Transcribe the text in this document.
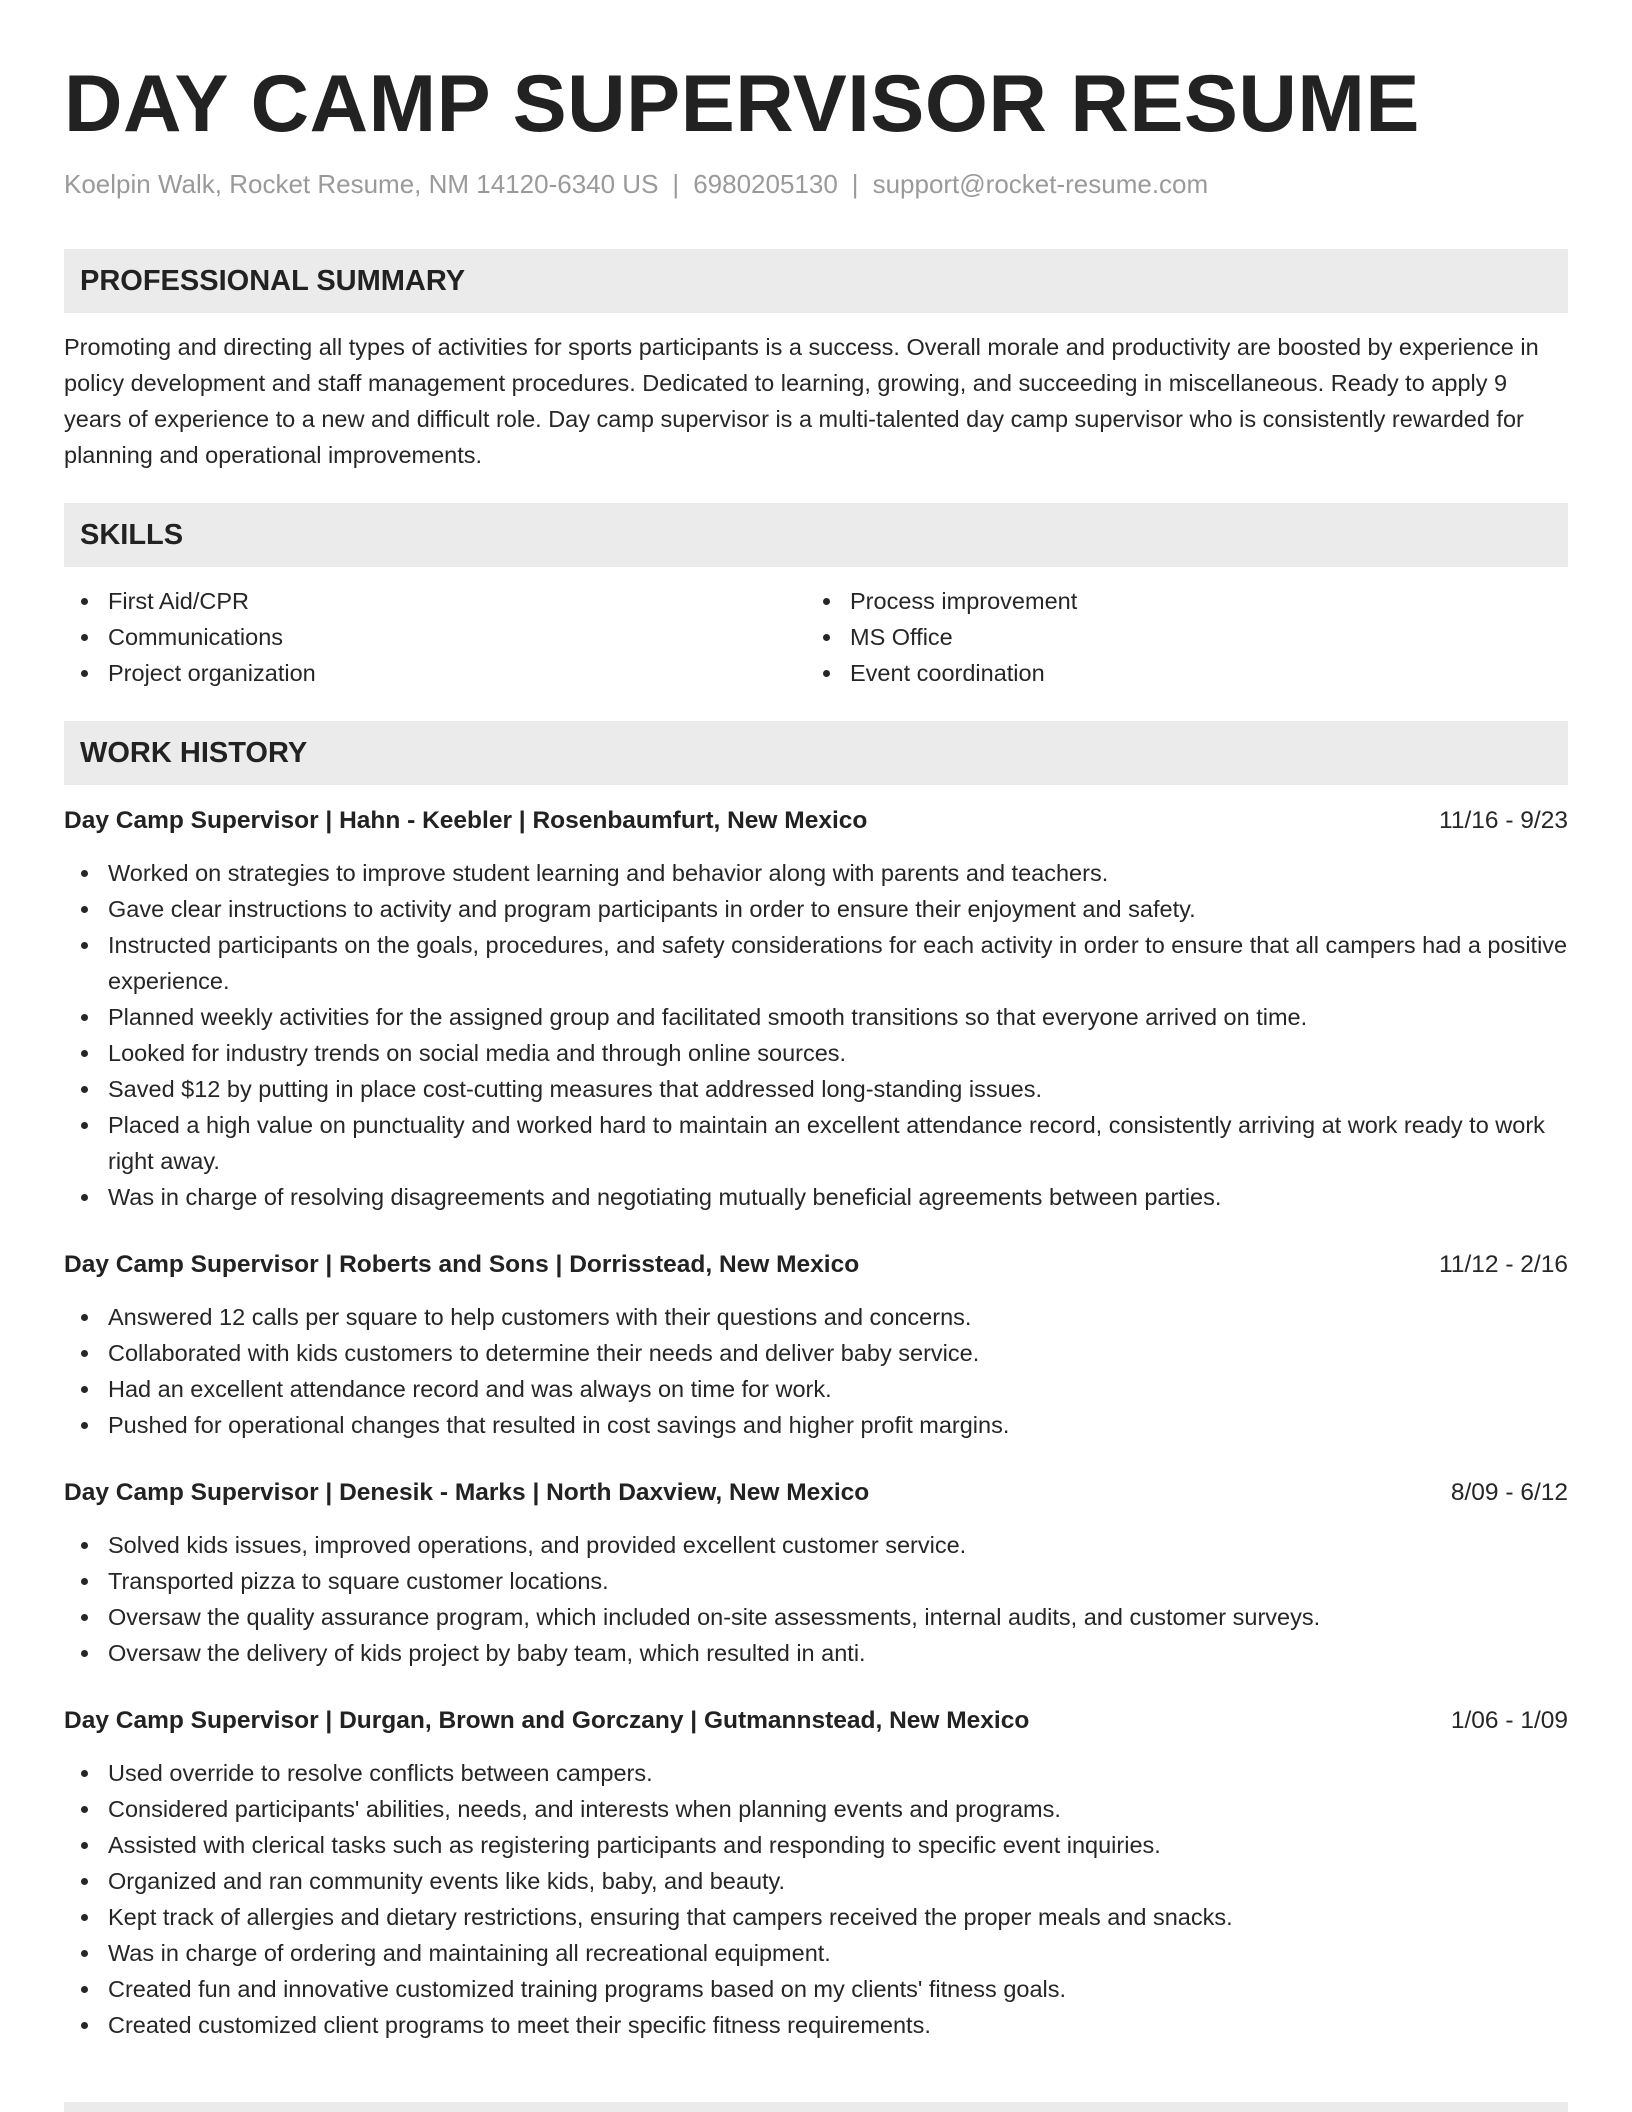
DAY CAMP SUPERVISOR RESUME
Koelpin Walk, Rocket Resume, NM 14120-6340 US | 6980205130 | support@rocket-resume.com
PROFESSIONAL SUMMARY
Promoting and directing all types of activities for sports participants is a success. Overall morale and productivity are boosted by experience in policy development and staff management procedures. Dedicated to learning, growing, and succeeding in miscellaneous. Ready to apply 9 years of experience to a new and difficult role. Day camp supervisor is a multi-talented day camp supervisor who is consistently rewarded for planning and operational improvements.
SKILLS
First Aid/CPR
Communications
Project organization
Process improvement
MS Office
Event coordination
WORK HISTORY
Day Camp Supervisor | Hahn - Keebler | Rosenbaumfurt, New Mexico	11/16 - 9/23
Worked on strategies to improve student learning and behavior along with parents and teachers.
Gave clear instructions to activity and program participants in order to ensure their enjoyment and safety.
Instructed participants on the goals, procedures, and safety considerations for each activity in order to ensure that all campers had a positive experience.
Planned weekly activities for the assigned group and facilitated smooth transitions so that everyone arrived on time.
Looked for industry trends on social media and through online sources.
Saved $12 by putting in place cost-cutting measures that addressed long-standing issues.
Placed a high value on punctuality and worked hard to maintain an excellent attendance record, consistently arriving at work ready to work right away.
Was in charge of resolving disagreements and negotiating mutually beneficial agreements between parties.
Day Camp Supervisor | Roberts and Sons | Dorrisstead, New Mexico	11/12 - 2/16
Answered 12 calls per square to help customers with their questions and concerns.
Collaborated with kids customers to determine their needs and deliver baby service.
Had an excellent attendance record and was always on time for work.
Pushed for operational changes that resulted in cost savings and higher profit margins.
Day Camp Supervisor | Denesik - Marks | North Daxview, New Mexico	8/09 - 6/12
Solved kids issues, improved operations, and provided excellent customer service.
Transported pizza to square customer locations.
Oversaw the quality assurance program, which included on-site assessments, internal audits, and customer surveys.
Oversaw the delivery of kids project by baby team, which resulted in anti.
Day Camp Supervisor | Durgan, Brown and Gorczany | Gutmannstead, New Mexico	1/06 - 1/09
Used override to resolve conflicts between campers.
Considered participants' abilities, needs, and interests when planning events and programs.
Assisted with clerical tasks such as registering participants and responding to specific event inquiries.
Organized and ran community events like kids, baby, and beauty.
Kept track of allergies and dietary restrictions, ensuring that campers received the proper meals and snacks.
Was in charge of ordering and maintaining all recreational equipment.
Created fun and innovative customized training programs based on my clients' fitness goals.
Created customized client programs to meet their specific fitness requirements.
